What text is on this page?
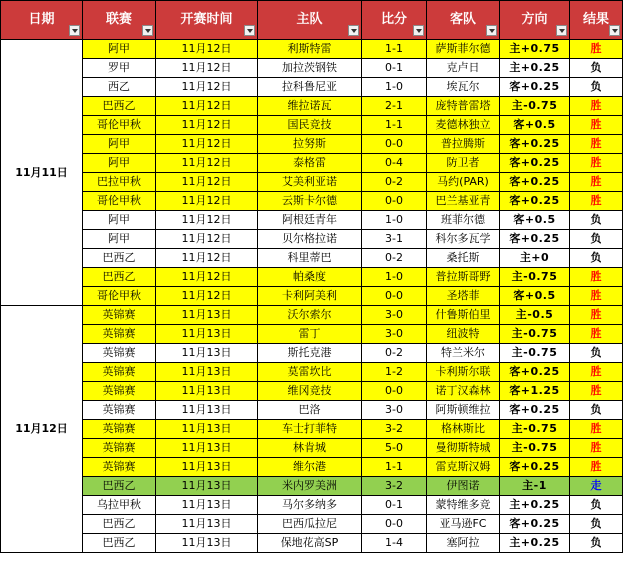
日期	联赛	开赛时间	主队	比分	客队	方向	结果

11月11日	阿甲	11月12日	利斯特雷	1-1	萨斯菲尔德	主+0.75	胜
	罗甲	11月12日	加拉茨钢铁	0-1	克卢日	主+0.25	负
	西乙	11月12日	拉科鲁尼亚	1-0	埃瓦尔	客+0.25	负
	巴西乙	11月12日	维拉诺瓦	2-1	庞特普雷塔	主-0.75	胜
	哥伦甲秋	11月12日	国民竞技	1-1	麦德林独立	客+0.5	胜
	阿甲	11月12日	拉努斯	0-0	普拉腾斯	客+0.25	胜
	阿甲	11月12日	泰格雷	0-4	防卫者	客+0.25	胜
	巴拉甲秋	11月12日	艾美利亚诺	0-2	马约(PAR)	客+0.25	胜
	哥伦甲秋	11月12日	云斯卡尔德	0-0	巴兰基亚青	客+0.25	胜
	阿甲	11月12日	阿根廷青年	1-0	班菲尔德	客+0.5	负
	阿甲	11月12日	贝尔格拉诺	3-1	科尔多瓦学	客+0.25	负
	巴西乙	11月12日	科里蒂巴	0-2	桑托斯	主+0	负
	巴西乙	11月12日	帕桑度	1-0	普拉斯哥野	主-0.75	胜
	哥伦甲秋	11月12日	卡利阿美利	0-0	圣塔菲	客+0.5	胜
11月12日	英锦赛	11月13日	沃尔索尔	3-0	什鲁斯伯里	主-0.5	胜
	英锦赛	11月13日	雷丁	3-0	纽波特	主-0.75	胜
	英锦赛	11月13日	斯托克港	0-2	特兰米尔	主-0.75	负
	英锦赛	11月13日	莫雷坎比	1-2	卡利斯尔联	客+0.25	胜
	英锦赛	11月13日	维冈竞技	0-0	诺丁汉森林	客+1.25	胜
	英锦赛	11月13日	巴洛	3-0	阿斯顿维拉	客+0.25	负
	英锦赛	11月13日	车士打菲特	3-2	格林斯比	主-0.75	胜
	英锦赛	11月13日	林肯城	5-0	曼彻斯特城	主-0.75	胜
	英锦赛	11月13日	维尔港	1-1	雷克斯汉姆	客+0.25	胜
	巴西乙	11月13日	米内罗美洲	3-2	伊图诺	主-1	走
	乌拉甲秋	11月13日	马尔多纳多	0-1	蒙特维多竞	主+0.25	负
	巴西乙	11月13日	巴西瓜拉尼	0-0	亚马逊FC	客+0.25	负
	巴西乙	11月13日	保地花高SP	1-4	塞阿拉	主+0.25	负
